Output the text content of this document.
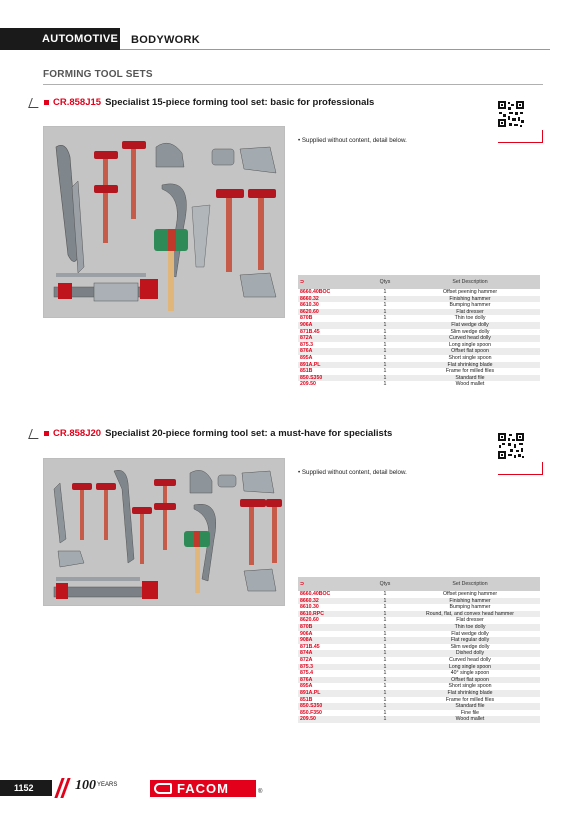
AUTOMOTIVE BODYWORK
FORMING TOOL SETS
CR.858J15 Specialist 15-piece forming tool set: basic for professionals
• Supplied without content, detail below.
⊃	Qtys	Set Description
8660.40BOC	1	Offset peening hammer
8660.32	1	Finishing hammer
8610.30	1	Bumping hammer
8620.60	1	Flat dresser
870B	1	Thin toe dolly
906A	1	Flat wedge dolly
871B.45	1	Slim wedge dolly
872A	1	Curved head dolly
875.3	1	Long single spoon
876A	1	Offset flat spoon
895A	1	Short single spoon
891A.PL	1	Flat shrinking blade
851B	1	Frame for milled files
850.S350	1	Standard file
209.50	1	Wood mallet
CR.858J20 Specialist 20-piece forming tool set: a must-have for specialists
• Supplied without content, detail below.
⊃	Qtys	Set Description
8660.40BOC	1	Offset peening hammer
8660.32	1	Finishing hammer
8610.30	1	Bumping hammer
8610.RPC	1	Round, flat, and convex head hammer
8620.60	1	Flat dresser
870B	1	Thin toe dolly
906A	1	Flat wedge dolly
908A	1	Flat regular dolly
871B.45	1	Slim wedge dolly
874A	1	Dished dolly
872A	1	Curved head dolly
875.3	1	Long single spoon
875.4	1	40° single spoon
876A	1	Offset flat spoon
895A	1	Short single spoon
891A.PL	1	Flat shrinking blade
851B	1	Frame for milled files
850.S350	1	Standard file
850.F350	1	Fine file
209.50	1	Wood mallet
1152	$100^{YEARS}$	FACOM	®
